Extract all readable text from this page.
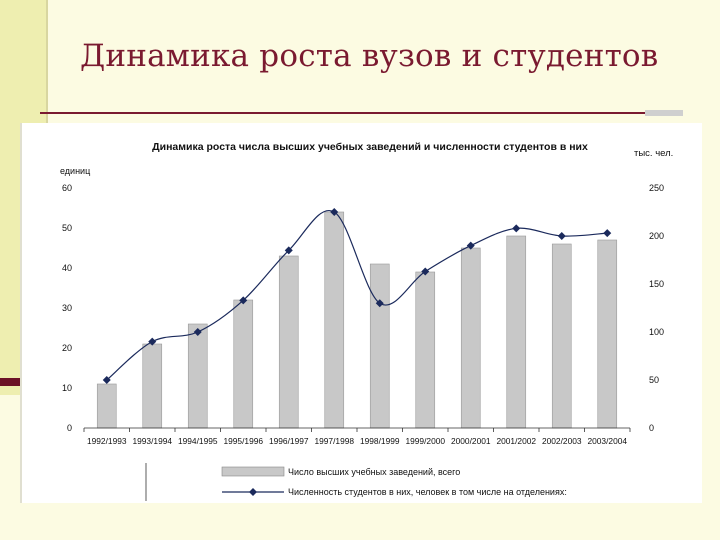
Динамика роста вузов и студентов
Динамика роста числа высших учебных заведений и численности студентов в них
единиц
тыс. чел.
0
10
20
30
40
50
60
0
50
100
150
200
250
1992/1993 1993/1994 1994/1995 1995/1996 1996/1997 1997/1998 1998/1999 1999/2000 2000/2001 2001/2002 2002/2003 2003/2004
Число высших учебных заведений, всего
Численность студентов в них, человек в том числе на отделениях:
